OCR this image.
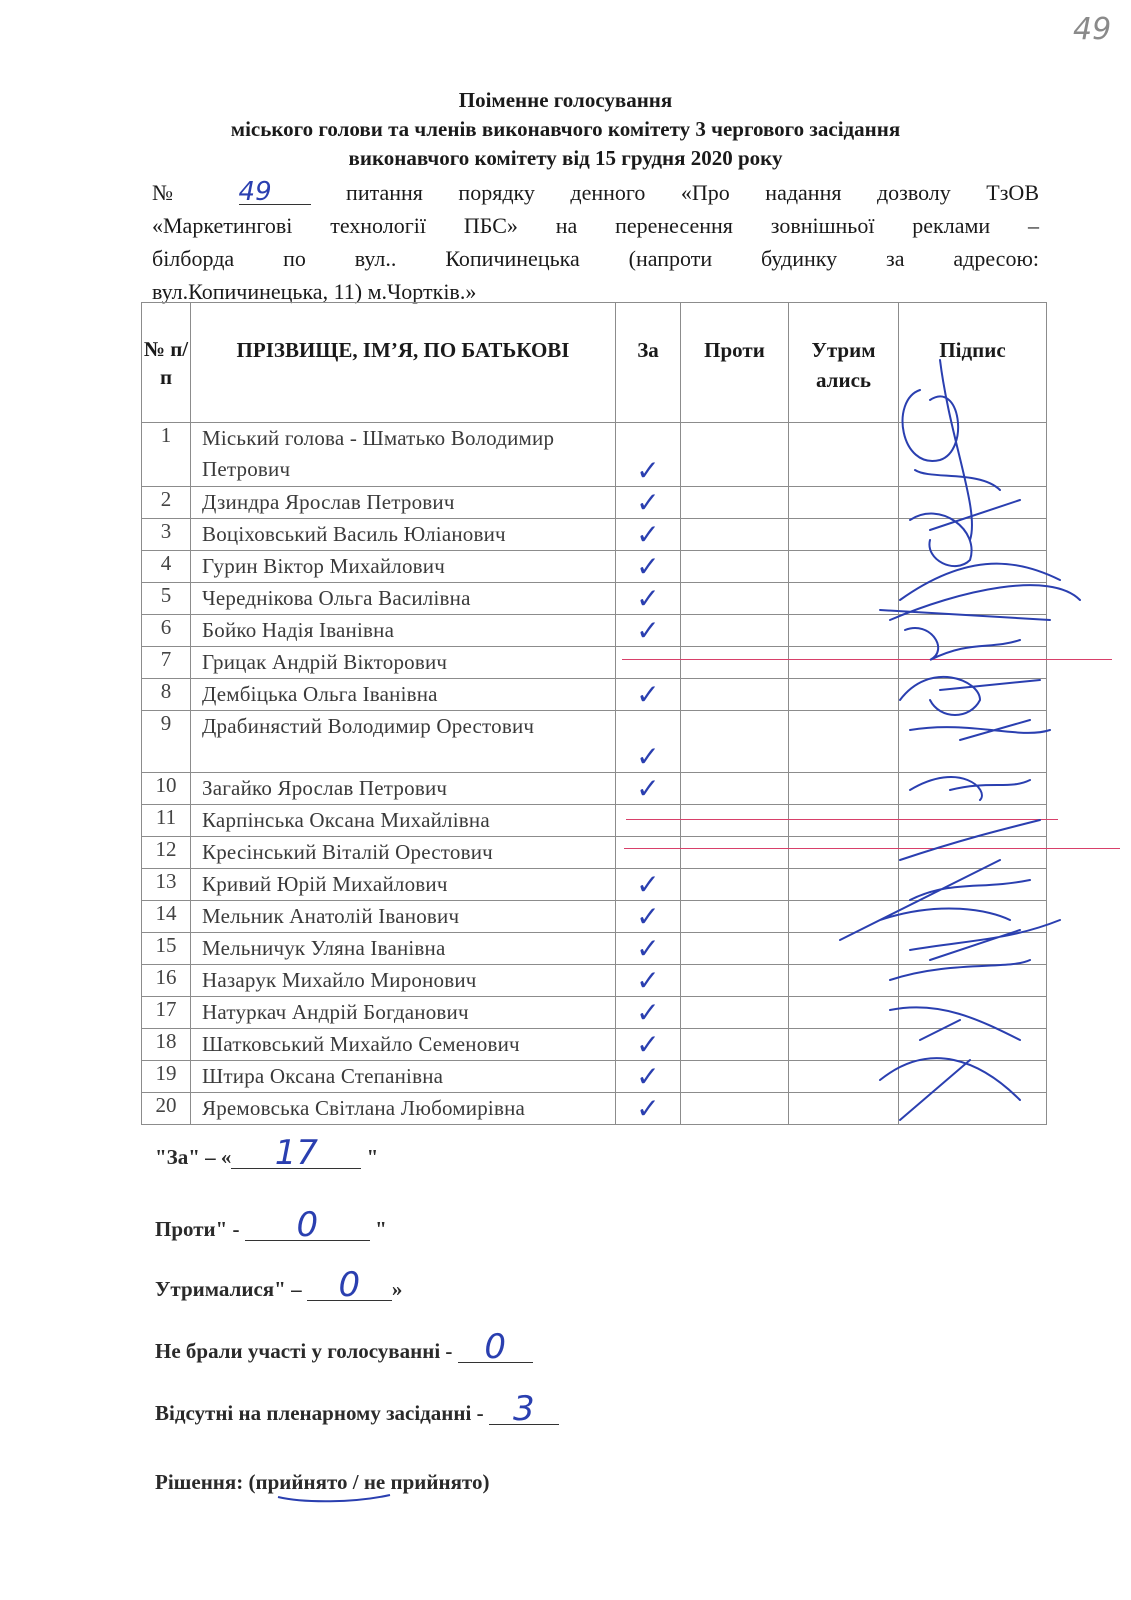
49
Поіменне голосування
міського голови та членів виконавчого комітету 3 чергового засідання
виконавчого комітету від 15 грудня 2020 року
№ 49	питання порядку денного «Про надання дозволу ТзОВ
«Маркетингові технології ПБС» на перенесення зовнішньої реклами –
білборда по вул.. Копичинецька (напроти будинку за адресою:
вул.Копичинецька, 11) м.Чортків.»
№ п/п	ПРІЗВИЩЕ, ІМ’Я, ПО БАТЬКОВІ	За	Проти	Утрим ались	Підпис
1	Міський голова - Шматько Володимир Петрович	✓			
2	Дзиндра Ярослав Петрович	✓			
3	Воціховський Василь Юліанович	✓			
4	Гурин Віктор Михайлович	✓			
5	Череднікова Ольга Василівна	✓			
6	Бойко Надія Іванівна	✓			
7	Грицак Андрій Вікторович				
8	Дембіцька Ольга Іванівна	✓			
9	Драбинястий Володимир Орестович	✓			
10	Загайко Ярослав Петрович	✓			
11	Карпінська Оксана Михайлівна				
12	Кресінський Віталій Орестович				
13	Кривий Юрій Михайлович	✓			
14	Мельник Анатолій Іванович	✓			
15	Мельничук Уляна Іванівна	✓			
16	Назарук Михайло Миронович	✓			
17	Натуркач Андрій Богданович	✓			
18	Шатковський Михайло Семенович	✓			
19	Штира Оксана Степанівна	✓			
20	Яремовська Світлана Любомирівна	✓			
"За" – « 17 "
Проти" - 0	"
Утрималися" – 0 »
Не брали участі у голосуванні - 0
Відсутні на пленарному засіданні - 3
Рішення: (прийнято / не прийнято)
